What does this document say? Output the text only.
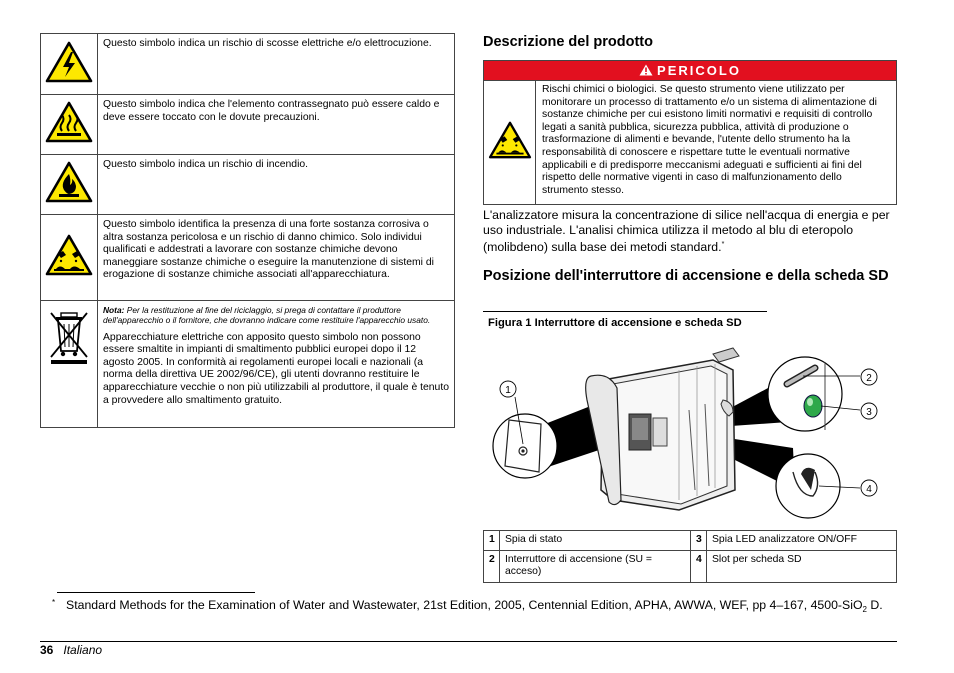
Questo simbolo indica un rischio di scosse elettriche e/o elettrocuzione.

Questo simbolo indica che l'elemento contrassegnato può essere caldo e deve essere toccato con le dovute precauzioni.

Questo simbolo indica un rischio di incendio.

Questo simbolo identifica la presenza di una forte sostanza corrosiva o altra sostanza pericolosa e un rischio di danno chimico. Solo individui qualificati e addestrati a lavorare con sostanze chimiche devono maneggiare sostanze chimiche o eseguire la manutenzione di sistemi di erogazione di sostanze chimiche associati all'apparecchiatura.

Nota: Per la restituzione al fine del riciclaggio, si prega di contattare il produttore dell'apparecchio o il fornitore, che dovranno indicare come restituire l'apparecchio usato.

Apparecchiature elettriche con apposito questo simbolo non possono essere smaltite in impianti di smaltimento pubblici europei dopo il 12 agosto 2005. In conformità ai regolamenti europei locali e nazionali (a norma della direttiva UE 2002/96/CE), gli utenti dovranno restituire le apparecchiature vecchie o non più utilizzabili al produttore, il quale è tenuto a provvedere allo smaltimento gratuito.

Descrizione del prodotto
PERICOLO
	Rischi chimici o biologici. Se questo strumento viene utilizzato per monitorare un processo di trattamento e/o un sistema di alimentazione di sostanze chimiche per cui esistono limiti normativi e requisiti di controllo legati a sanità pubblica, sicurezza pubblica, attività di produzione o trasformazione di alimenti e bevande, l'utente dello strumento ha la responsabilità di conoscere e rispettare tutte le eventuali normative applicabili e di predisporre meccanismi adeguati e sufficienti ai fini del rispetto delle normative vigenti in caso di malfunzionamento dello strumento stesso.

L'analizzatore misura la concentrazione di silice nell'acqua di energia e per uso industriale. L'analisi chimica utilizza il metodo al blu di eteropolo (molibdeno) sulla base dei metodi standard.*

Posizione dell'interruttore di accensione e della scheda SD
Figura 1 Interruttore di accensione e scheda SD
1
2
3
4
1	Spia di stato	3	Spia LED analizzatore ON/OFF
2	Interruttore di accensione (SU = acceso)	4	Slot per scheda SD
* Standard Methods for the Examination of Water and Wastewater, 21st Edition, 2005, Centennial Edition, APHA, AWWA, WEF, pp 4–167, 4500-SiO$_2$ D.
36 Italiano
